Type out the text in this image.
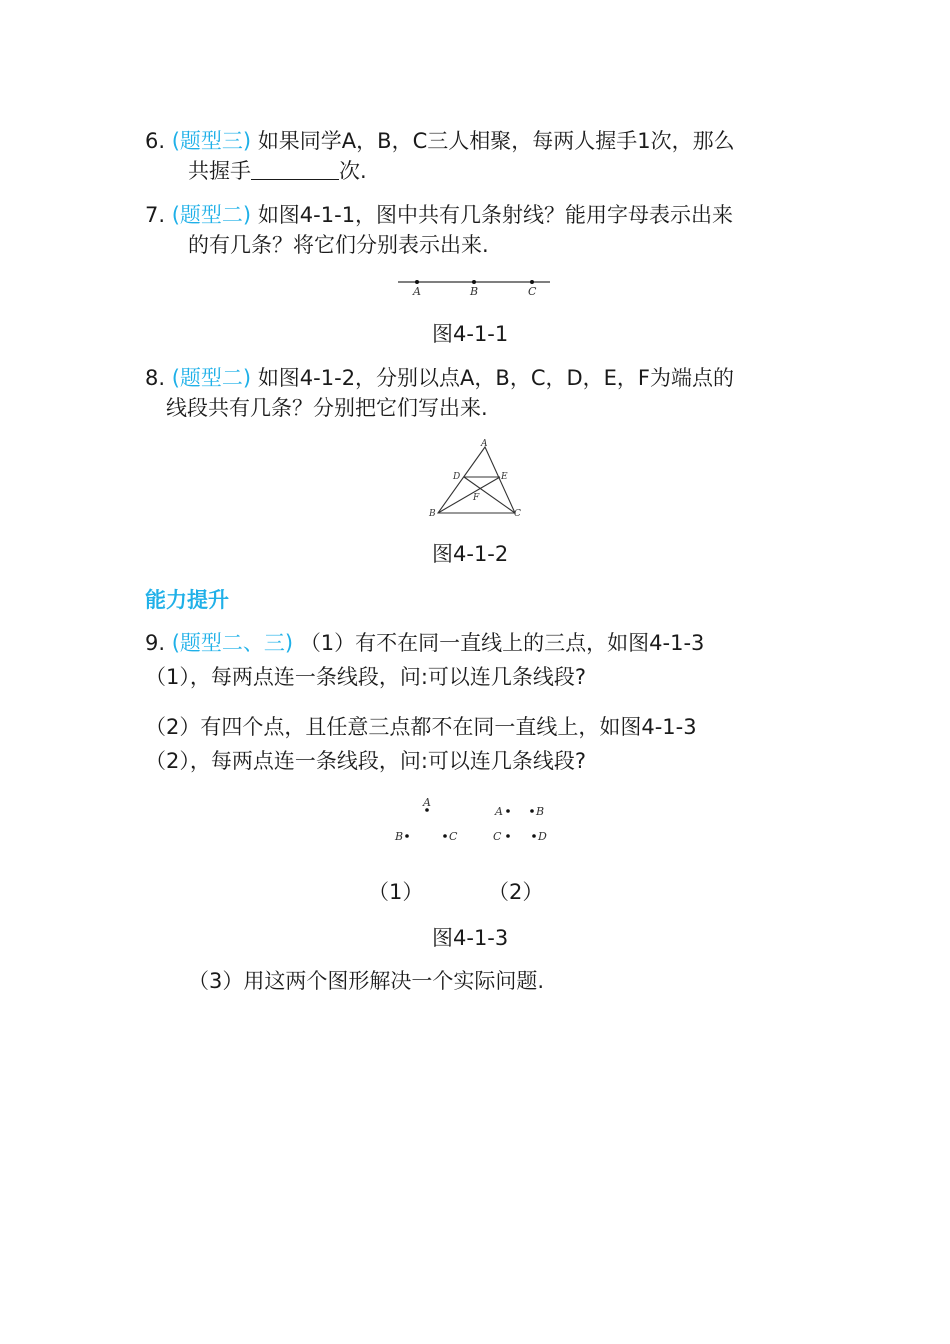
6. (题型三) 如果同学A，B，C三人相聚，每两人握手1次，那么
共握手	次.
7. (题型二) 如图4-1-1，图中共有几条射线？能用字母表示出来
的有几条？将它们分别表示出来.
A	B	C
图4-1-1
8. (题型二) 如图4-1-2，分别以点A，B，C，D，E，F为端点的
线段共有几条？分别把它们写出来.
A
B	C
D	E
F
图4-1-2
能力提升
9. (题型二、三) （1）有不在同一直线上的三点，如图4-1-3
（1），每两点连一条线段，问:可以连几条线段?
（2）有四个点，且任意三点都不在同一直线上，如图4-1-3
（2），每两点连一条线段，问:可以连几条线段?
A
B	C
A	B
C	D
（1）	（2）
图4-1-3
（3）用这两个图形解决一个实际问题.
